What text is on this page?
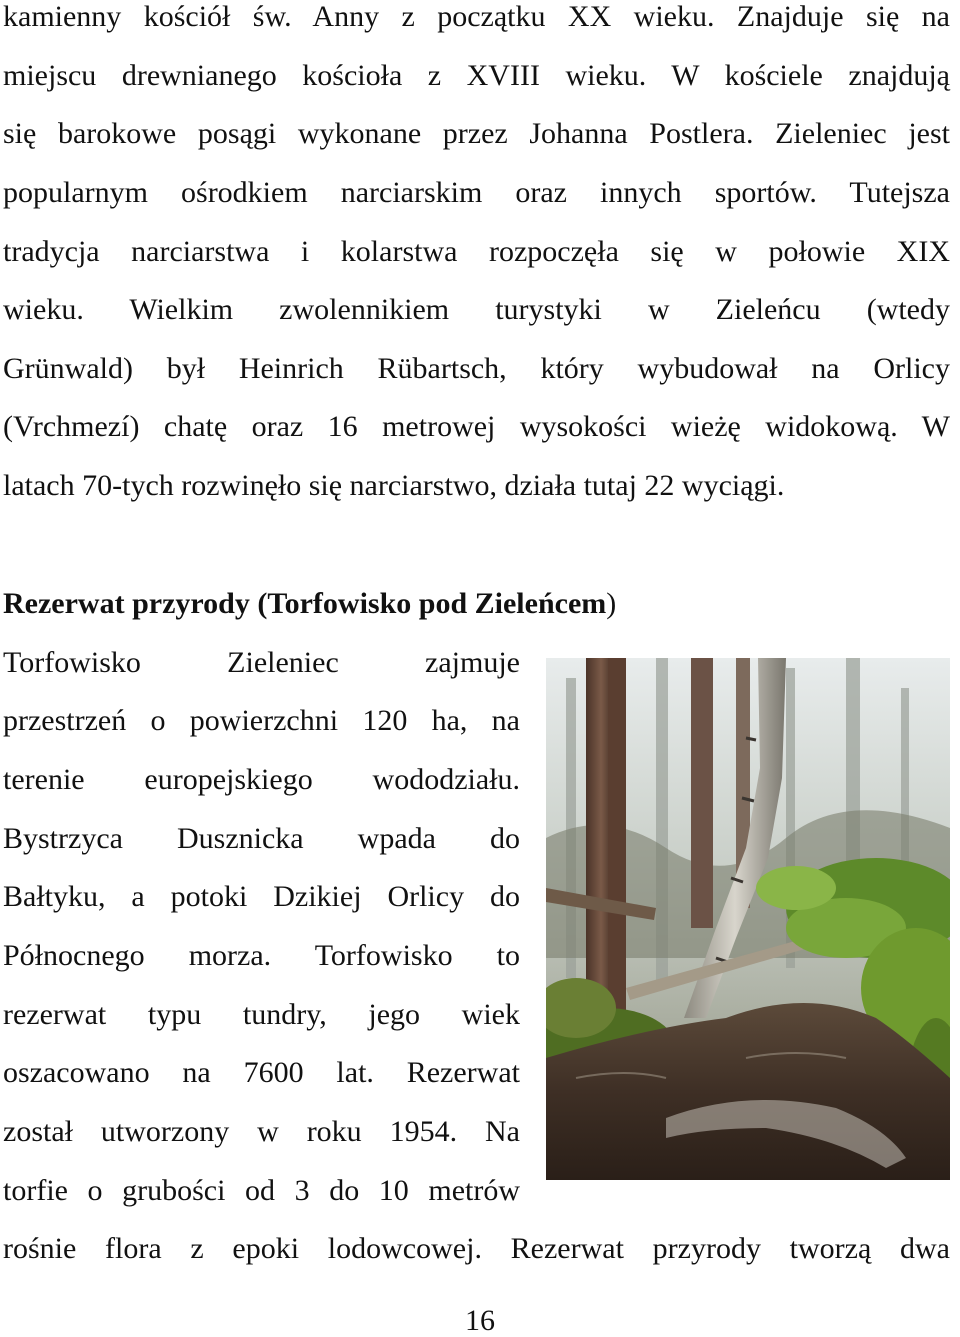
kamienny kościół św. Anny z początku XX wieku. Znajduje się na
miejscu drewnianego kościoła z XVIII wieku. W kościele znajdują
się barokowe posągi wykonane przez Johanna Postlera. Zieleniec jest
popularnym ośrodkiem narciarskim oraz innych sportów. Tutejsza
tradycja narciarstwa i kolarstwa rozpoczęła się w połowie XIX
wieku. Wielkim zwolennikiem turystyki w Zieleńcu (wtedy
Grünwald) był Heinrich Rübartsch, który wybudował na Orlicy
(Vrchmezí) chatę oraz 16 metrowej wysokości wieżę widokową. W
latach 70-tych rozwinęło się narciarstwo, działa tutaj 22 wyciągi.
Rezerwat przyrody (Torfowisko pod Zieleńcem)
Torfowisko Zieleniec zajmuje
przestrzeń o powierzchni 120 ha, na
terenie europejskiego wododziału.
Bystrzyca Dusznicka wpada do
Bałtyku, a potoki Dzikiej Orlicy do
Północnego morza. Torfowisko to
rezerwat typu tundry, jego wiek
oszacowano na 7600 lat. Rezerwat
został utworzony w roku 1954. Na
torfie o grubości od 3 do 10 metrów
rośnie flora z epoki lodowcowej. Rezerwat przyrody tworzą dwa
16
